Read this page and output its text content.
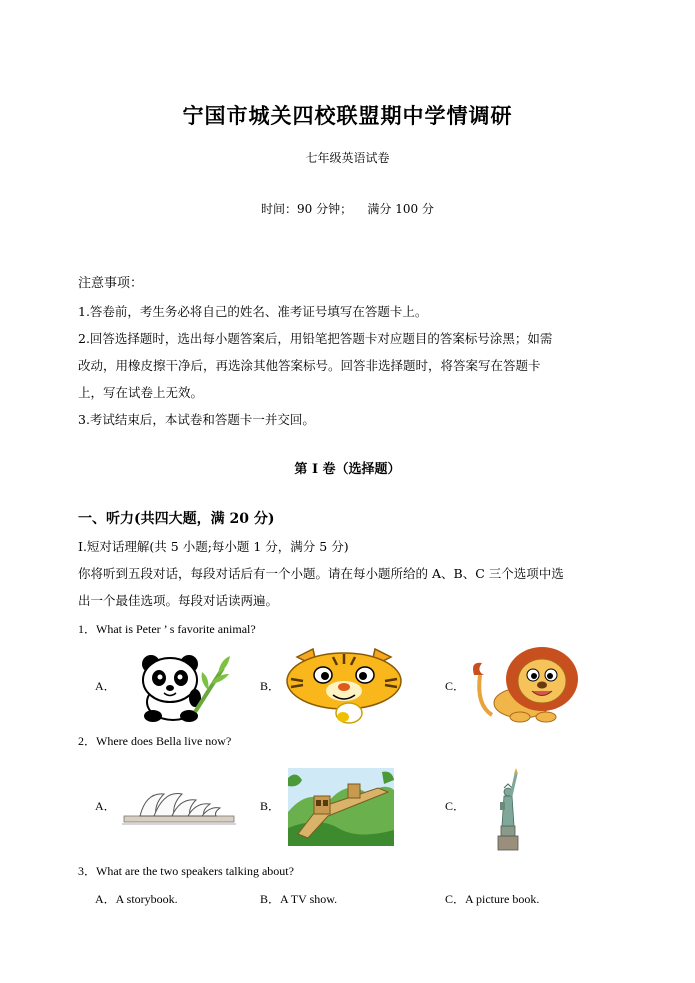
宁国市城关四校联盟期中学情调研
七年级英语试卷
时间：90 分钟；    满分 100 分
注意事项：
1.答卷前，考生务必将自己的姓名、准考证号填写在答题卡上。
2.回答选择题时，选出每小题答案后，用铅笔把答题卡对应题目的答案标号涂黑；如需
改动，用橡皮擦干净后，再选涂其他答案标号。回答非选择题时，将答案写在答题卡
上，写在试卷上无效。
3.考试结束后，本试卷和答题卡一并交回。
第 I 卷（选择题）
一、听力(共四大题，满 20 分)
Ⅰ.短对话理解(共 5 小题;每小题 1 分，满分 5 分)
你将听到五段对话，每段对话后有一个小题。请在每小题所给的 A、B、C 三个选项中选
出一个最佳选项。每段对话读两遍。
1．What is Peter ’ s favorite animal?
A．	B．	C．
2．Where does Bella live now?
A．	B．	C．
3．What are the two speakers talking about?
A．A storybook.	B．A TV show.	C．A picture book.
